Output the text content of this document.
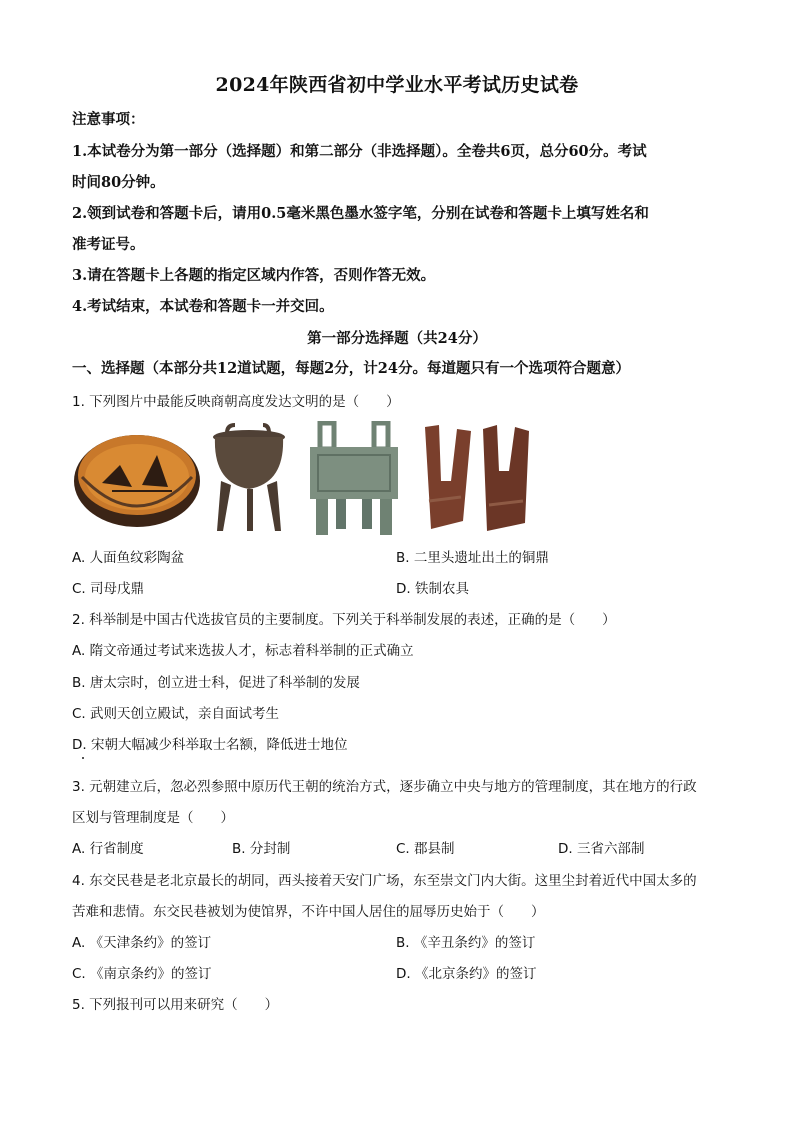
2024年陕西省初中学业水平考试历史试卷
注意事项：
1.本试卷分为第一部分（选择题）和第二部分（非选择题）。全卷共6页，总分60分。考试
时间80分钟。
2.领到试卷和答题卡后，请用0.5毫米黑色墨水签字笔，分别在试卷和答题卡上填写姓名和
准考证号。
3.请在答题卡上各题的指定区域内作答，否则作答无效。
4.考试结束，本试卷和答题卡一并交回。
第一部分选择题（共24分）
一、选择题（本部分共12道试题，每题2分，计24分。每道题只有一个选项符合题意）
1. 下列图片中最能反映商朝高度发达文明的是（　　）
A. 人面鱼纹彩陶盆	B. 二里头遗址出土的铜鼎
C. 司母戊鼎	D. 铁制农具
2. 科举制是中国古代选拔官员的主要制度。下列关于科举制发展的表述，正确的是（　　）
A. 隋文帝通过考试来选拔人才，标志着科举制的正式确立
B. 唐太宗时，创立进士科，促进了科举制的发展
C. 武则天创立殿试，亲自面试考生
D. 宋朝大幅减少科举取士名额，降低进士地位
3. 元朝建立后，忽必烈参照中原历代王朝的统治方式，逐步确立中央与地方的管理制度，其在地方的行政
区划与管理制度是（　　）
A. 行省制度	B. 分封制	C. 郡县制	D. 三省六部制
4. 东交民巷是老北京最长的胡同，西头接着天安门广场，东至崇文门内大街。这里尘封着近代中国太多的
苦难和悲情。东交民巷被划为使馆界，不许中国人居住的屈辱历史始于（　　）
A. 《天津条约》的签订	B. 《辛丑条约》的签订
C. 《南京条约》的签订	D. 《北京条约》的签订
5. 下列报刊可以用来研究（　　）
